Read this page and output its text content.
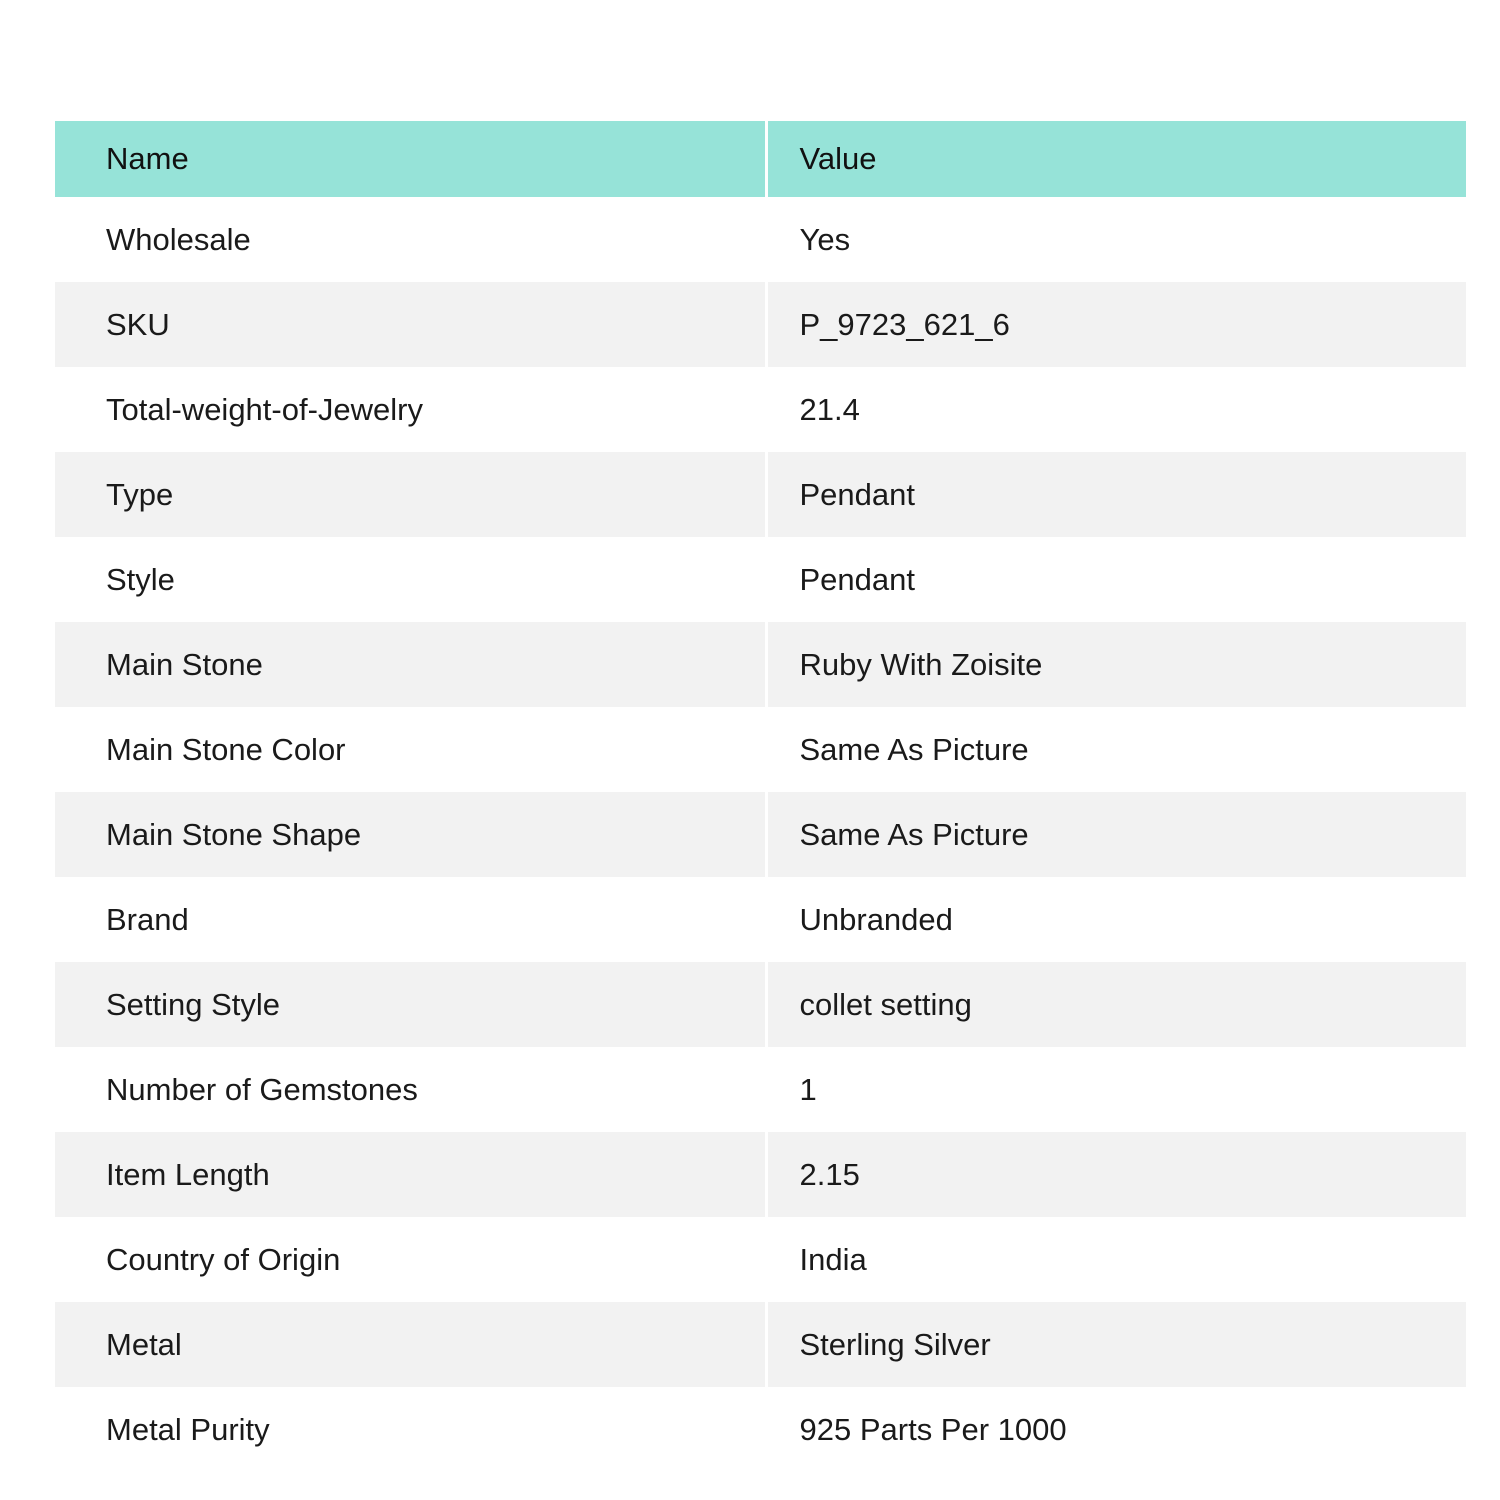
Name	Value
Wholesale	Yes
SKU	P_9723_621_6
Total-weight-of-Jewelry	21.4
Type	Pendant
Style	Pendant
Main Stone	Ruby With Zoisite
Main Stone Color	Same As Picture
Main Stone Shape	Same As Picture
Brand	Unbranded
Setting Style	collet setting
Number of Gemstones	1
Item Length	2.15
Country of Origin	India
Metal	Sterling Silver
Metal Purity	925 Parts Per 1000
